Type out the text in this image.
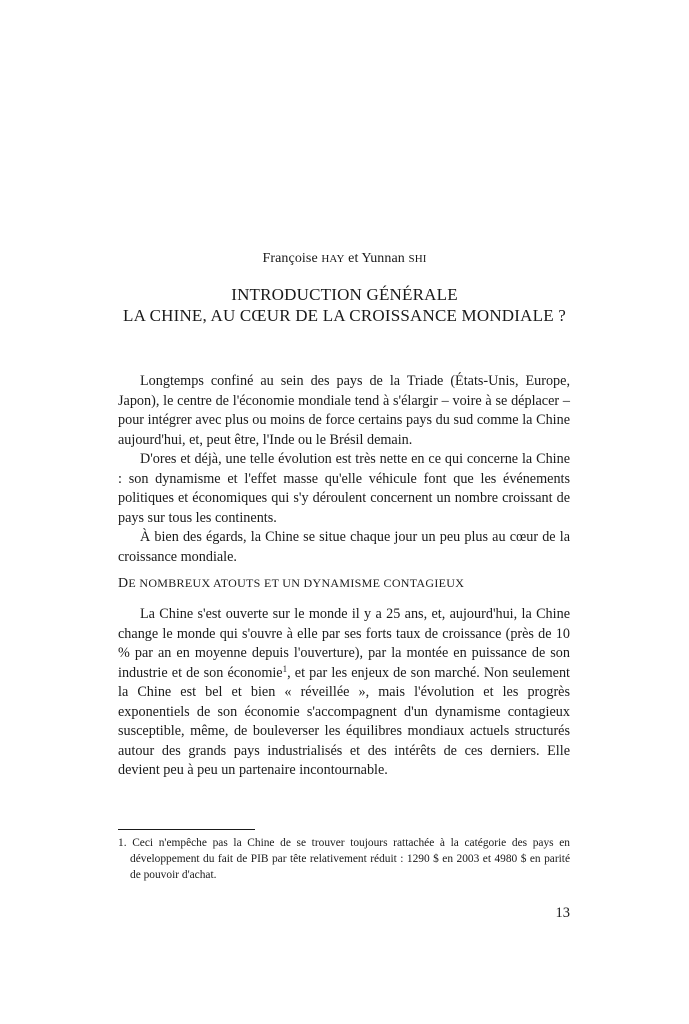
Françoise HAY et Yunnan SHI
INTRODUCTION GÉNÉRALE
LA CHINE, AU CŒUR DE LA CROISSANCE MONDIALE ?

Longtemps confiné au sein des pays de la Triade (États-Unis, Europe, Japon), le centre de l'économie mondiale tend à s'élargir – voire à se déplacer – pour intégrer avec plus ou moins de force certains pays du sud comme la Chine aujourd'hui, et, peut être, l'Inde ou le Brésil demain.

D'ores et déjà, une telle évolution est très nette en ce qui concerne la Chine : son dynamisme et l'effet masse qu'elle véhicule font que les événements politiques et économiques qui s'y déroulent concernent un nombre croissant de pays sur tous les continents.

À bien des égards, la Chine se situe chaque jour un peu plus au cœur de la croissance mondiale.

DE NOMBREUX ATOUTS ET UN DYNAMISME CONTAGIEUX

La Chine s'est ouverte sur le monde il y a 25 ans, et, aujourd'hui, la Chine change le monde qui s'ouvre à elle par ses forts taux de croissance (près de 10 % par an en moyenne depuis l'ouverture), par la montée en puissance de son industrie et de son économie$^1$, et par les enjeux de son marché. Non seulement la Chine est bel et bien « réveillée », mais l'évolution et les progrès exponentiels de son économie s'accompagnent d'un dynamisme contagieux susceptible, même, de bouleverser les équilibres mondiaux actuels structurés autour des grands pays industrialisés et des intérêts de ces derniers. Elle devient peu à peu un partenaire incontournable.

1. Ceci n'empêche pas la Chine de se trouver toujours rattachée à la catégorie des pays en développement du fait de PIB par tête relativement réduit : 1290 $ en 2003 et 4980 $ en parité de pouvoir d'achat.
13
